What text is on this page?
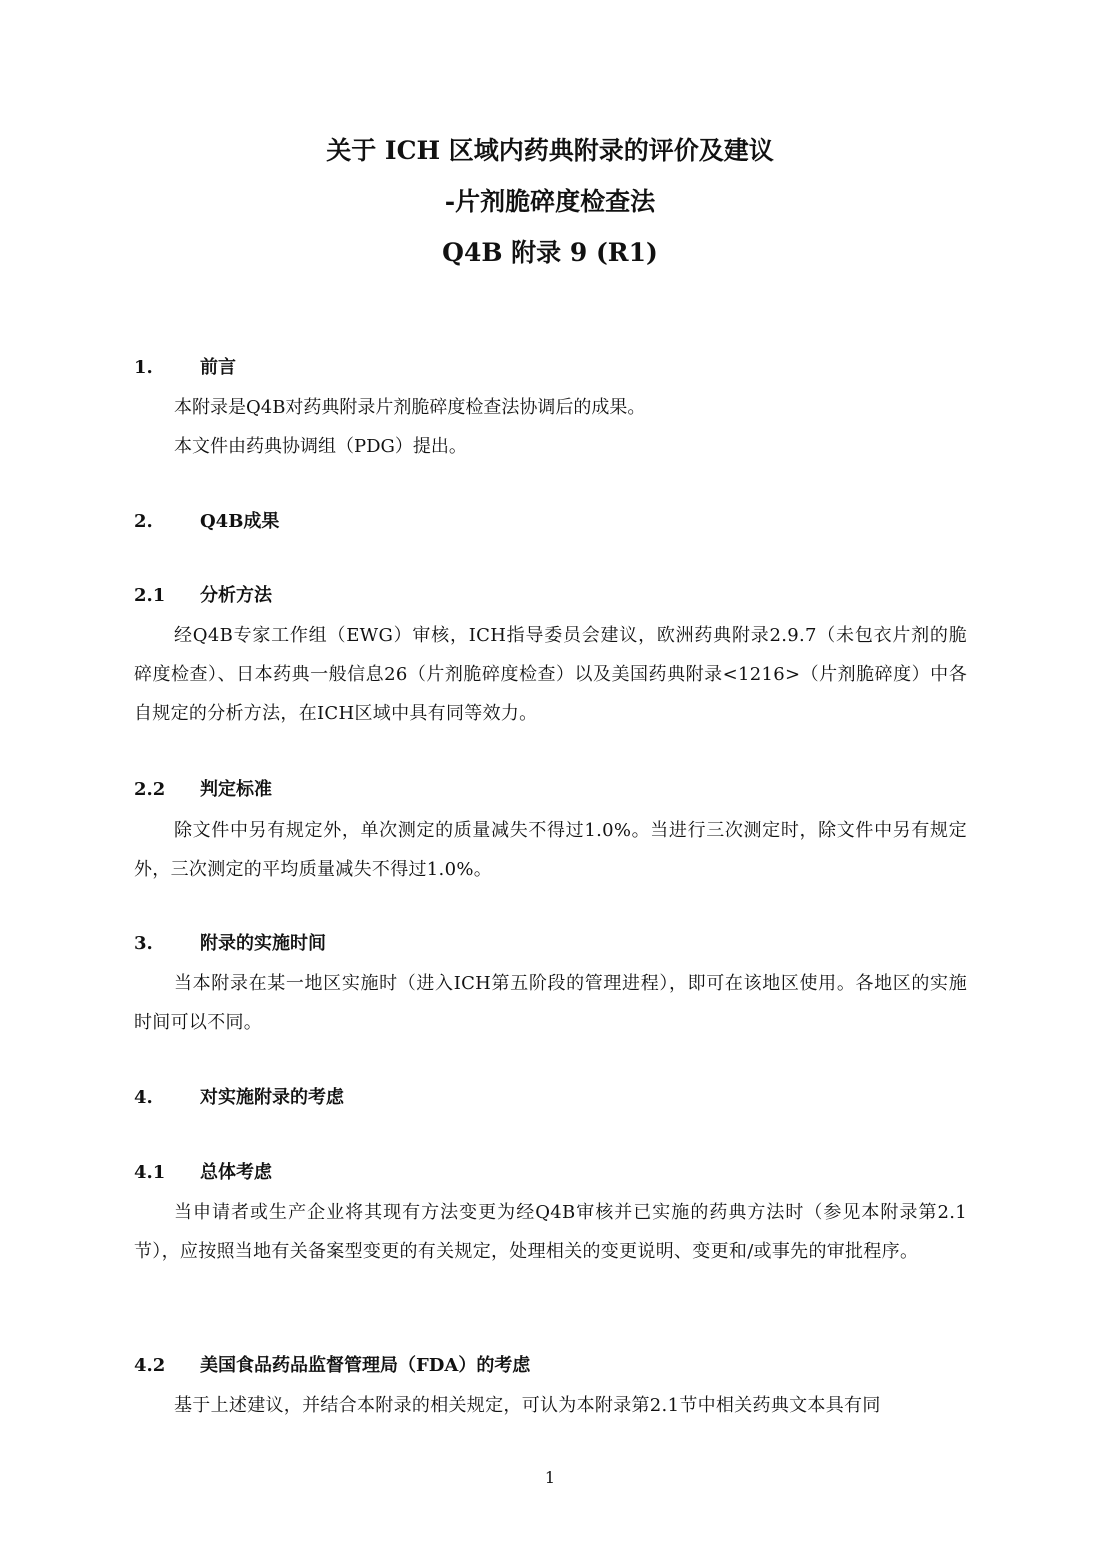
关于 ICH 区域内药典附录的评价及建议
-片剂脆碎度检查法
Q4B 附录 9 (R1)
1.	前言
本附录是Q4B对药典附录片剂脆碎度检查法协调后的成果。
本文件由药典协调组（PDG）提出。
2.	Q4B成果
2.1 分析方法
经Q4B专家工作组（EWG）审核，ICH指导委员会建议，欧洲药典附录2.9.7（未包衣片剂的脆碎度检查）、日本药典一般信息26（片剂脆碎度检查）以及美国药典附录<1216>（片剂脆碎度）中各自规定的分析方法，在ICH区域中具有同等效力。
2.2 判定标准
除文件中另有规定外，单次测定的质量减失不得过1.0%。当进行三次测定时，除文件中另有规定外，三次测定的平均质量减失不得过1.0%。
3.	附录的实施时间
当本附录在某一地区实施时（进入ICH第五阶段的管理进程），即可在该地区使用。各地区的实施时间可以不同。
4.	对实施附录的考虑
4.1 总体考虑
当申请者或生产企业将其现有方法变更为经Q4B审核并已实施的药典方法时（参见本附录第2.1节），应按照当地有关备案型变更的有关规定，处理相关的变更说明、变更和/或事先的审批程序。
4.2 美国食品药品监督管理局（FDA）的考虑
基于上述建议，并结合本附录的相关规定，可认为本附录第2.1节中相关药典文本具有同
1
